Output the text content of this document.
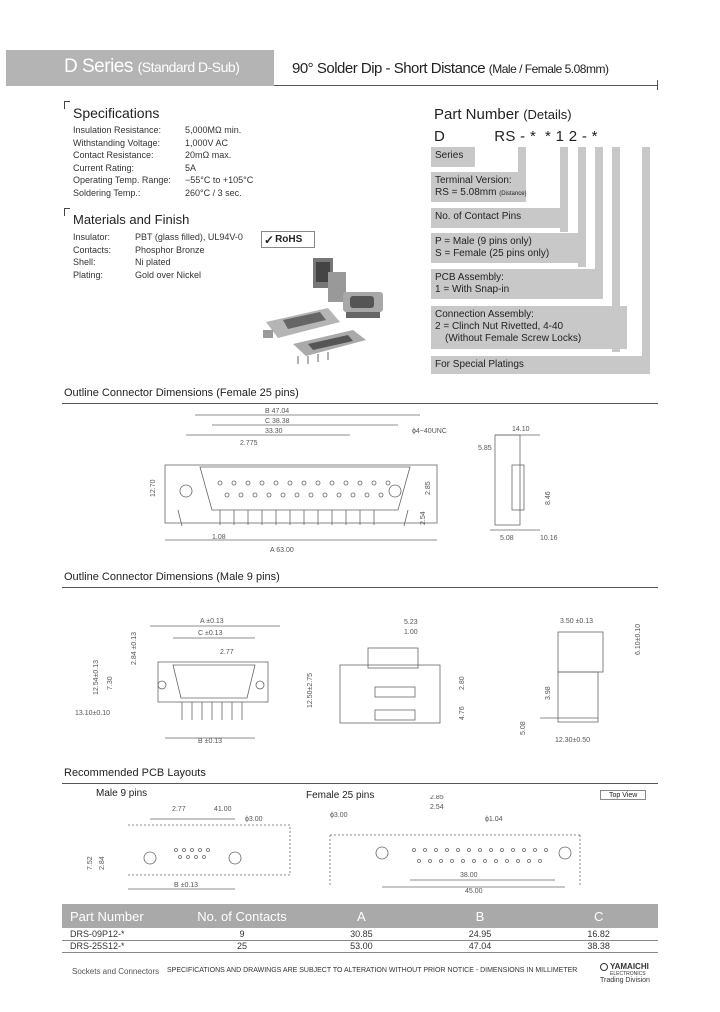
D Series (Standard D-Sub)	90° Solder Dip - Short Distance (Male / Female 5.08mm)
Specifications
Insulation Resistance:	5,000MΩ min.
Withstanding Voltage:	1,000V AC
Contact Resistance:	20mΩ max.
Current Rating:	5A
Operating Temp. Range:	−55°C to +105°C
Soldering Temp.:	260°C / 3 sec.
Materials and Finish
Insulator:	PBT (glass filled), UL94V-0
Contacts:	Phosphor Bronze
Shell:	Ni plated
Plating:	Gold over Nickel
✓ RoHS
Part Number (Details)
D           RS - *  * 1 2 - *
Series
Terminal Version:
RS = 5.08mm (Distance)
No. of Contact Pins
P = Male (9 pins only)
S = Female (25 pins only)
PCB Assembly:
1 = With Snap-in
Connection Assembly:
2 = Clinch Nut Rivetted, 4-40
(Without Female Screw Locks)
For Special Platings
Outline Connector Dimensions (Female 25 pins)
B 47.04
C 38.38
33.30
2.775
ϕ4−40UNC
12.70	2.85
2.54
1.08
A 63.00
14.10
5.85
8.46
5.08	10.16
Outline Connector Dimensions (Male 9 pins)
A ±0.13
C ±0.13
2.77
2.84 ±0.13
12.54±0.13 7.30
13.10±0.10
B ±0.13
5.23
1.00
12.50±2.75	2.80
4.76
3.50 ±0.13
6.10±0.10
3.98
5.08
12.30±0.50
Recommended PCB Layouts
Male 9 pins	Female 25 pins	Top View
2.77	41.00
ϕ3.00
7.52 2.84
B ±0.13
ϕ3.00
2.85
2.54
ϕ1.04
38.00
45.00
Part Number	No. of Contacts	A	B	C
DRS-09P12-*	9	30.85	24.95	16.82
DRS-25S12-*	25	53.00	47.04	38.38
Sockets and Connectors SPECIFICATIONS AND DRAWINGS ARE SUBJECT TO ALTERATION WITHOUT PRIOR NOTICE - DIMENSIONS IN MILLIMETER	YAMAICHI
ELECTRONICS
Trading Division
